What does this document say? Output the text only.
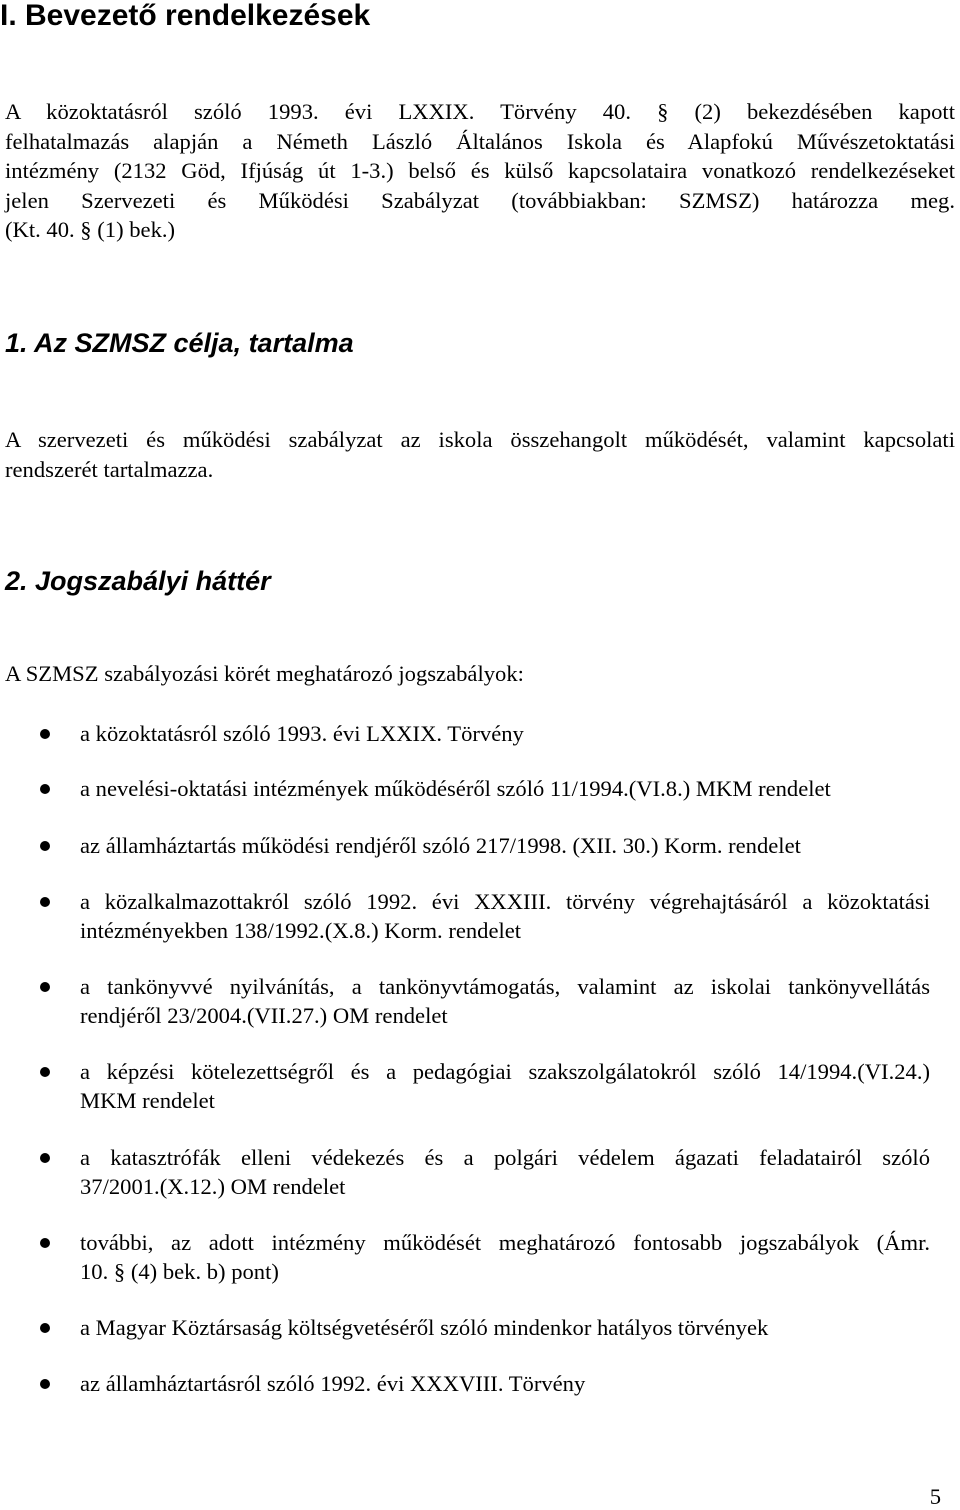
I. Bevezető rendelkezések
A közoktatásról szóló 1993. évi LXXIX. Törvény 40. § (2) bekezdésében kapott
felhatalmazás alapján a Németh László Általános Iskola és Alapfokú Művészetoktatási
intézmény (2132 Göd, Ifjúság út 1-3.) belső és külső kapcsolataira vonatkozó rendelkezéseket
jelen Szervezeti és Működési Szabályzat (továbbiakban: SZMSZ) határozza meg.
(Kt. 40. § (1) bek.)
1. Az SZMSZ célja, tartalma
A szervezeti és működési szabályzat az iskola összehangolt működését, valamint kapcsolati
rendszerét tartalmazza.
2. Jogszabályi háttér
A SZMSZ szabályozási körét meghatározó jogszabályok:
a közoktatásról szóló 1993. évi LXXIX. Törvény
a nevelési-oktatási intézmények működéséről szóló 11/1994.(VI.8.) MKM rendelet
az államháztartás működési rendjéről szóló 217/1998. (XII. 30.) Korm. rendelet
a közalkalmazottakról szóló 1992. évi XXXIII. törvény végrehajtásáról a közoktatási
intézményekben 138/1992.(X.8.) Korm. rendelet
a tankönyvvé nyilvánítás, a tankönyvtámogatás, valamint az iskolai tankönyvellátás
rendjéről 23/2004.(VII.27.) OM rendelet
a képzési kötelezettségről és a pedagógiai szakszolgálatokról szóló 14/1994.(VI.24.)
MKM rendelet
a katasztrófák elleni védekezés és a polgári védelem ágazati feladatairól szóló
37/2001.(X.12.) OM rendelet
további, az adott intézmény működését meghatározó fontosabb jogszabályok (Ámr.
10. § (4) bek. b) pont)
a Magyar Köztársaság költségvetéséről szóló mindenkor hatályos törvények
az államháztartásról szóló 1992. évi XXXVIII. Törvény
5
